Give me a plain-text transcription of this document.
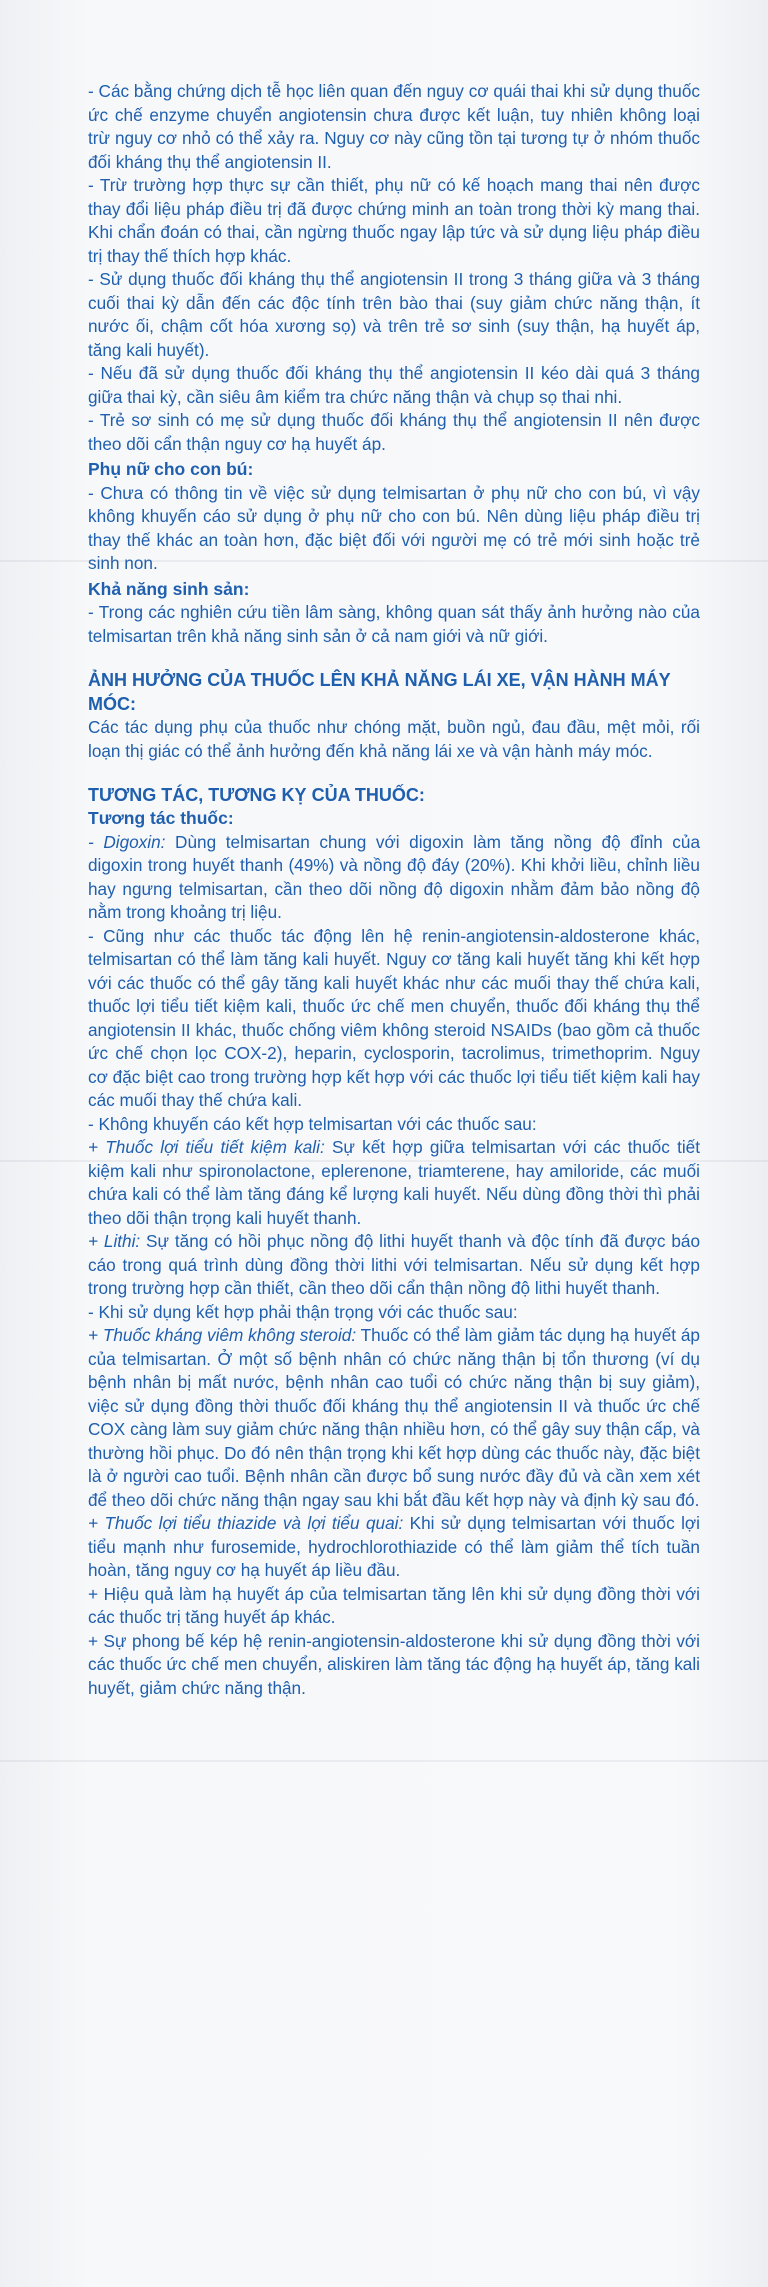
- Các bằng chứng dịch tễ học liên quan đến nguy cơ quái thai khi sử dụng thuốc ức chế enzyme chuyển angiotensin chưa được kết luận, tuy nhiên không loại trừ nguy cơ nhỏ có thể xảy ra. Nguy cơ này cũng tồn tại tương tự ở nhóm thuốc đối kháng thụ thể angiotensin II.

- Trừ trường hợp thực sự cần thiết, phụ nữ có kế hoạch mang thai nên được thay đổi liệu pháp điều trị đã được chứng minh an toàn trong thời kỳ mang thai. Khi chẩn đoán có thai, cần ngừng thuốc ngay lập tức và sử dụng liệu pháp điều trị thay thế thích hợp khác.

- Sử dụng thuốc đối kháng thụ thể angiotensin II trong 3 tháng giữa và 3 tháng cuối thai kỳ dẫn đến các độc tính trên bào thai (suy giảm chức năng thận, ít nước ối, chậm cốt hóa xương sọ) và trên trẻ sơ sinh (suy thận, hạ huyết áp, tăng kali huyết).

- Nếu đã sử dụng thuốc đối kháng thụ thể angiotensin II kéo dài quá 3 tháng giữa thai kỳ, cần siêu âm kiểm tra chức năng thận và chụp sọ thai nhi.

- Trẻ sơ sinh có mẹ sử dụng thuốc đối kháng thụ thể angiotensin II nên được theo dõi cẩn thận nguy cơ hạ huyết áp.

Phụ nữ cho con bú:

- Chưa có thông tin về việc sử dụng telmisartan ở phụ nữ cho con bú, vì vậy không khuyến cáo sử dụng ở phụ nữ cho con bú. Nên dùng liệu pháp điều trị thay thế khác an toàn hơn, đặc biệt đối với người mẹ có trẻ mới sinh hoặc trẻ sinh non.

Khả năng sinh sản:

- Trong các nghiên cứu tiền lâm sàng, không quan sát thấy ảnh hưởng nào của telmisartan trên khả năng sinh sản ở cả nam giới và nữ giới.

ẢNH HƯỞNG CỦA THUỐC LÊN KHẢ NĂNG LÁI XE, VẬN HÀNH MÁY MÓC:

Các tác dụng phụ của thuốc như chóng mặt, buồn ngủ, đau đầu, mệt mỏi, rối loạn thị giác có thể ảnh hưởng đến khả năng lái xe và vận hành máy móc.

TƯƠNG TÁC, TƯƠNG KỴ CỦA THUỐC:
Tương tác thuốc:

- Digoxin: Dùng telmisartan chung với digoxin làm tăng nồng độ đỉnh của digoxin trong huyết thanh (49%) và nồng độ đáy (20%). Khi khởi liều, chỉnh liều hay ngưng telmisartan, cần theo dõi nồng độ digoxin nhằm đảm bảo nồng độ nằm trong khoảng trị liệu.

- Cũng như các thuốc tác động lên hệ renin-angiotensin-aldosterone khác, telmisartan có thể làm tăng kali huyết. Nguy cơ tăng kali huyết tăng khi kết hợp với các thuốc có thể gây tăng kali huyết khác như các muối thay thế chứa kali, thuốc lợi tiểu tiết kiệm kali, thuốc ức chế men chuyển, thuốc đối kháng thụ thể angiotensin II khác, thuốc chống viêm không steroid NSAIDs (bao gồm cả thuốc ức chế chọn lọc COX-2), heparin, cyclosporin, tacrolimus, trimethoprim. Nguy cơ đặc biệt cao trong trường hợp kết hợp với các thuốc lợi tiểu tiết kiệm kali hay các muối thay thế chứa kali.

- Không khuyến cáo kết hợp telmisartan với các thuốc sau:

+ Thuốc lợi tiểu tiết kiệm kali: Sự kết hợp giữa telmisartan với các thuốc tiết kiệm kali như spironolactone, eplerenone, triamterene, hay amiloride, các muối chứa kali có thể làm tăng đáng kể lượng kali huyết. Nếu dùng đồng thời thì phải theo dõi thận trọng kali huyết thanh.

+ Lithi: Sự tăng có hồi phục nồng độ lithi huyết thanh và độc tính đã được báo cáo trong quá trình dùng đồng thời lithi với telmisartan. Nếu sử dụng kết hợp trong trường hợp cần thiết, cần theo dõi cẩn thận nồng độ lithi huyết thanh.

- Khi sử dụng kết hợp phải thận trọng với các thuốc sau:

+ Thuốc kháng viêm không steroid: Thuốc có thể làm giảm tác dụng hạ huyết áp của telmisartan. Ở một số bệnh nhân có chức năng thận bị tổn thương (ví dụ bệnh nhân bị mất nước, bệnh nhân cao tuổi có chức năng thận bị suy giảm), việc sử dụng đồng thời thuốc đối kháng thụ thể angiotensin II và thuốc ức chế COX càng làm suy giảm chức năng thận nhiều hơn, có thể gây suy thận cấp, và thường hồi phục. Do đó nên thận trọng khi kết hợp dùng các thuốc này, đặc biệt là ở người cao tuổi. Bệnh nhân cần được bổ sung nước đầy đủ và cần xem xét để theo dõi chức năng thận ngay sau khi bắt đầu kết hợp này và định kỳ sau đó.

+ Thuốc lợi tiểu thiazide và lợi tiểu quai: Khi sử dụng telmisartan với thuốc lợi tiểu mạnh như furosemide, hydrochlorothiazide có thể làm giảm thể tích tuần hoàn, tăng nguy cơ hạ huyết áp liều đầu.

+ Hiệu quả làm hạ huyết áp của telmisartan tăng lên khi sử dụng đồng thời với các thuốc trị tăng huyết áp khác.

+ Sự phong bế kép hệ renin-angiotensin-aldosterone khi sử dụng đồng thời với các thuốc ức chế men chuyển, aliskiren làm tăng tác động hạ huyết áp, tăng kali huyết, giảm chức năng thận.
